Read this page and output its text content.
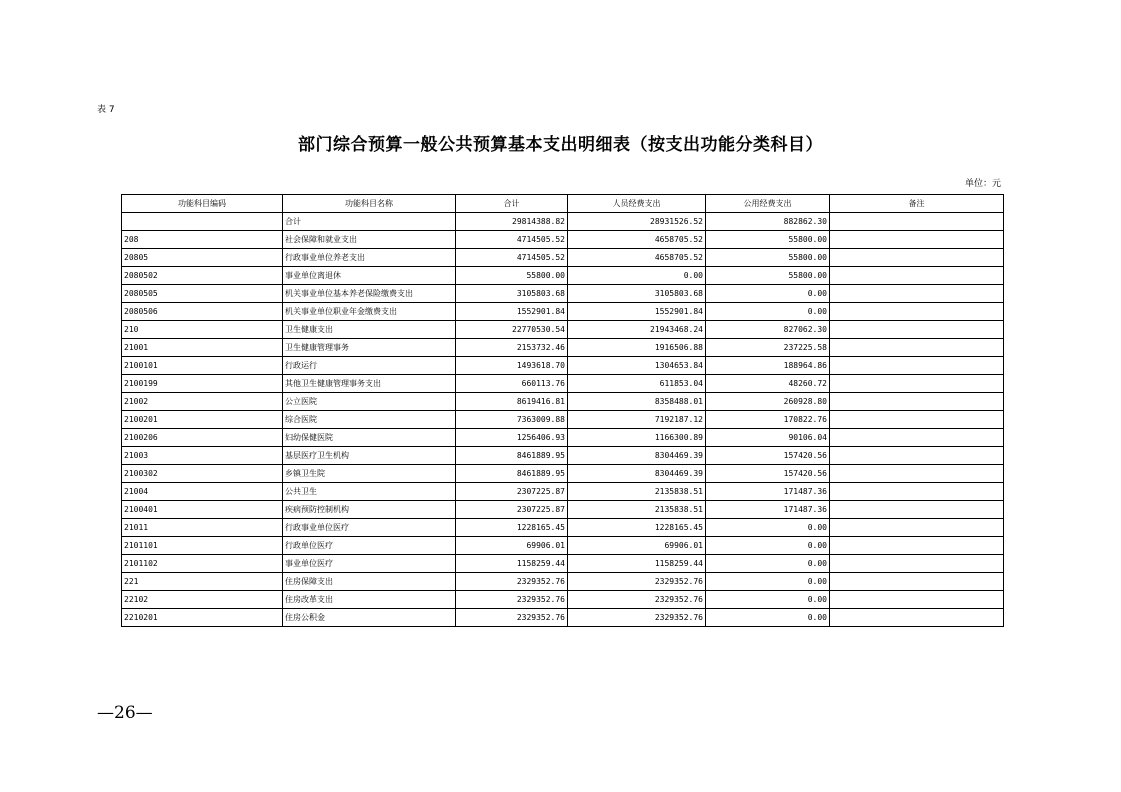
表 7
部门综合预算一般公共预算基本支出明细表（按支出功能分类科目）
单位：元
功能科目编码	功能科目名称	合计	人员经费支出	公用经费支出	备注
	合计	29814388.82	28931526.52	882862.30	
208	社会保障和就业支出	4714505.52	4658705.52	55800.00	
20805	行政事业单位养老支出	4714505.52	4658705.52	55800.00	
2080502	事业单位离退休	55800.00	0.00	55800.00	
2080505	机关事业单位基本养老保险缴费支出	3105803.68	3105803.68	0.00	
2080506	机关事业单位职业年金缴费支出	1552901.84	1552901.84	0.00	
210	卫生健康支出	22770530.54	21943468.24	827062.30	
21001	卫生健康管理事务	2153732.46	1916506.88	237225.58	
2100101	行政运行	1493618.70	1304653.84	188964.86	
2100199	其他卫生健康管理事务支出	660113.76	611853.04	48260.72	
21002	公立医院	8619416.81	8358488.01	260928.80	
2100201	综合医院	7363009.88	7192187.12	170822.76	
2100206	妇幼保健医院	1256406.93	1166300.89	90106.04	
21003	基层医疗卫生机构	8461889.95	8304469.39	157420.56	
2100302	乡镇卫生院	8461889.95	8304469.39	157420.56	
21004	公共卫生	2307225.87	2135838.51	171487.36	
2100401	疾病预防控制机构	2307225.87	2135838.51	171487.36	
21011	行政事业单位医疗	1228165.45	1228165.45	0.00	
2101101	行政单位医疗	69906.01	69906.01	0.00	
2101102	事业单位医疗	1158259.44	1158259.44	0.00	
221	住房保障支出	2329352.76	2329352.76	0.00	
22102	住房改革支出	2329352.76	2329352.76	0.00	
2210201	住房公积金	2329352.76	2329352.76	0.00	
—26—
